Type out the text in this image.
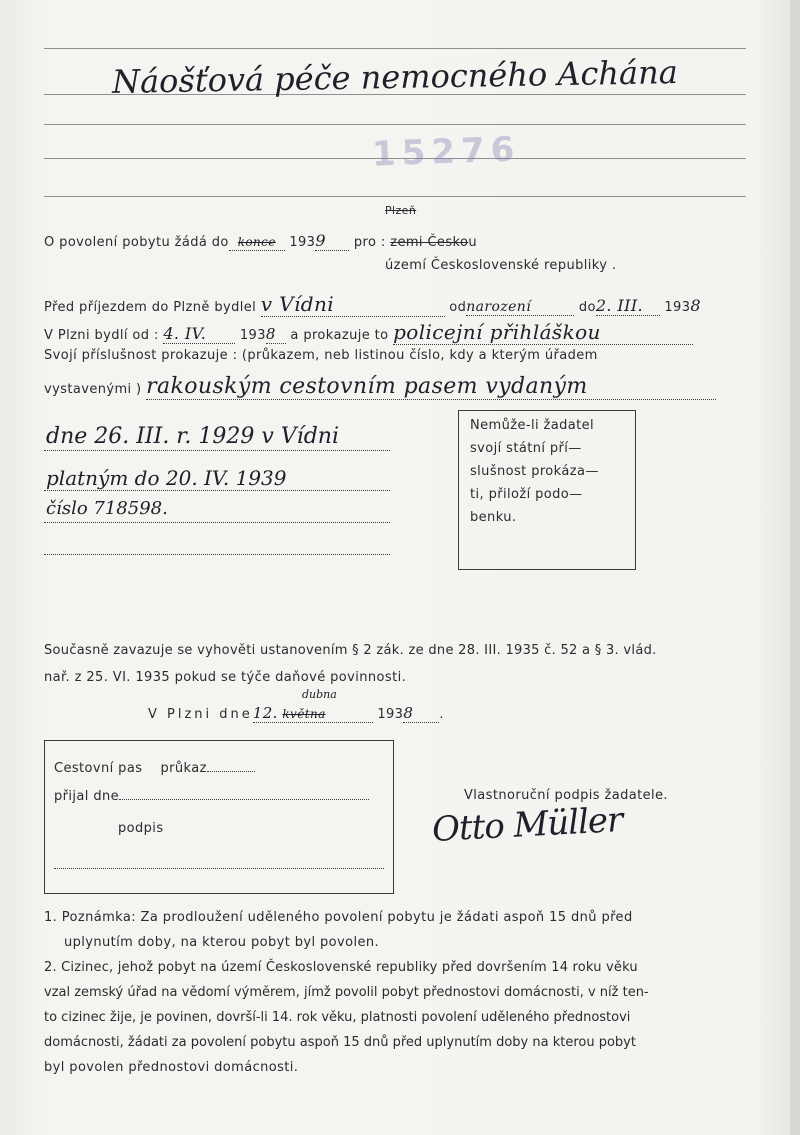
Náošťová péče nemocného Achána
15276
Plzeň
O povolení pobytu žádá do konce 1939 pro : zemi Českou
území Československé republiky .
Před příjezdem do Plzně bydlel v Vídni	odnarození	do2. III. 1938
V Plzni bydlí od : 4. IV.	1938 a prokazuje to policejní přihláškou
Svojí příslušnost prokazuje : (průkazem, neb listinou číslo, kdy a kterým úřadem
vystavenými ) rakouským cestovním pasem vydaným
dne 26. III. r. 1929 v Vídni
platným do 20. IV. 1939
číslo 718598.
Nemůže-li žadatel
svojí státní pří—
slušnost prokáza—
ti, přiloží podo—
benku.
Současně zavazuje se vyhověti ustanovením § 2 zák. ze dne 28. III. 1935 č. 52 a § 3. vlád.
nař. z 25. VI. 1935 pokud se týče daňové povinnosti.
dubna
V Plzni dne12. května	1938 .
Cestovní pas průkaz
přijal dne
podpis
Vlastnoruční podpis žadatele.
Otto Müller
1. Poznámka: Za prodloužení uděleného povolení pobytu je žádati aspoň 15 dnů před
uplynutím doby, na kterou pobyt byl povolen.
2. Cizinec, jehož pobyt na území Československé republiky před dovršením 14 roku věku
vzal zemský úřad na vědomí výměrem, jímž povolil pobyt přednostovi domácnosti, v níž ten-
to cizinec žije, je povinen, dovrší-li 14. rok věku, platnosti povolení uděleného přednostovi
domácnosti, žádati za povolení pobytu aspoň 15 dnů před uplynutím doby na kterou pobyt
byl povolen přednostovi domácnosti.
